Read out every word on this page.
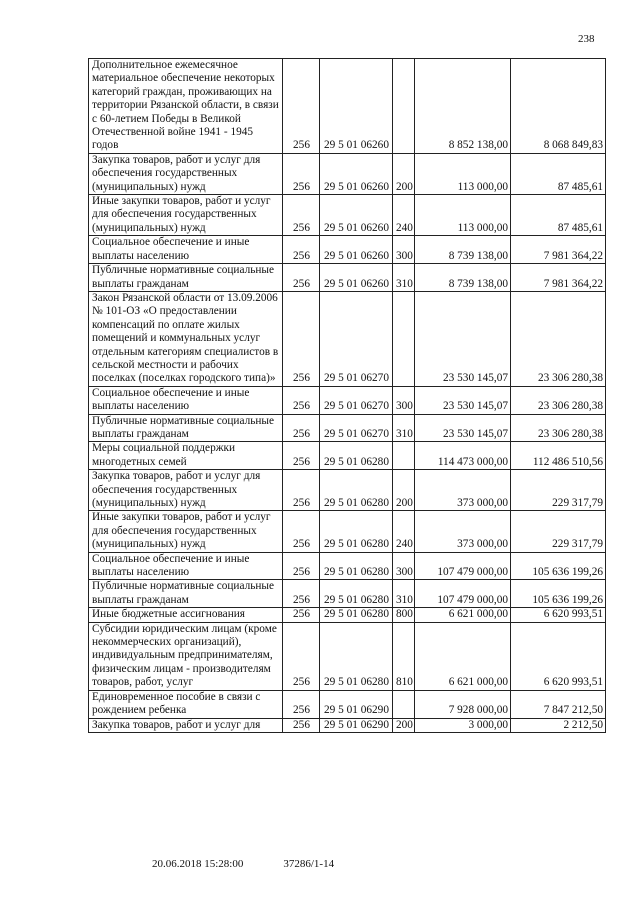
238
Дополнительное ежемесячное материальное обеспечение некоторых категорий граждан, проживающих на территории Рязанской области, в связи с 60-летием Победы в Великой Отечественной войне 1941 - 1945 годов	256	29 5 01 06260		8 852 138,00	8 068 849,83
Закупка товаров, работ и услуг для обеспечения государственных (муниципальных) нужд	256	29 5 01 06260	200	113 000,00	87 485,61
Иные закупки товаров, работ и услуг для обеспечения государственных (муниципальных) нужд	256	29 5 01 06260	240	113 000,00	87 485,61
Социальное обеспечение и иные выплаты населению	256	29 5 01 06260	300	8 739 138,00	7 981 364,22
Публичные нормативные социальные выплаты гражданам	256	29 5 01 06260	310	8 739 138,00	7 981 364,22
Закон Рязанской области от 13.09.2006 № 101-ОЗ «О предоставлении компенсаций по оплате жилых помещений и коммунальных услуг отдельным категориям специалистов в сельской местности и рабочих поселках (поселках городского типа)»	256	29 5 01 06270		23 530 145,07	23 306 280,38
Социальное обеспечение и иные выплаты населению	256	29 5 01 06270	300	23 530 145,07	23 306 280,38
Публичные нормативные социальные выплаты гражданам	256	29 5 01 06270	310	23 530 145,07	23 306 280,38
Меры социальной поддержки многодетных семей	256	29 5 01 06280		114 473 000,00	112 486 510,56
Закупка товаров, работ и услуг для обеспечения государственных (муниципальных) нужд	256	29 5 01 06280	200	373 000,00	229 317,79
Иные закупки товаров, работ и услуг для обеспечения государственных (муниципальных) нужд	256	29 5 01 06280	240	373 000,00	229 317,79
Социальное обеспечение и иные выплаты населению	256	29 5 01 06280	300	107 479 000,00	105 636 199,26
Публичные нормативные социальные выплаты гражданам	256	29 5 01 06280	310	107 479 000,00	105 636 199,26
Иные бюджетные ассигнования	256	29 5 01 06280	800	6 621 000,00	6 620 993,51
Субсидии юридическим лицам (кроме некоммерческих организаций), индивидуальным предпринимателям, физическим лицам - производителям товаров, работ, услуг	256	29 5 01 06280	810	6 621 000,00	6 620 993,51
Единовременное пособие в связи с рождением ребенка	256	29 5 01 06290		7 928 000,00	7 847 212,50
Закупка товаров, работ и услуг для	256	29 5 01 06290	200	3 000,00	2 212,50
20.06.2018 15:28:00	37286/1-14
